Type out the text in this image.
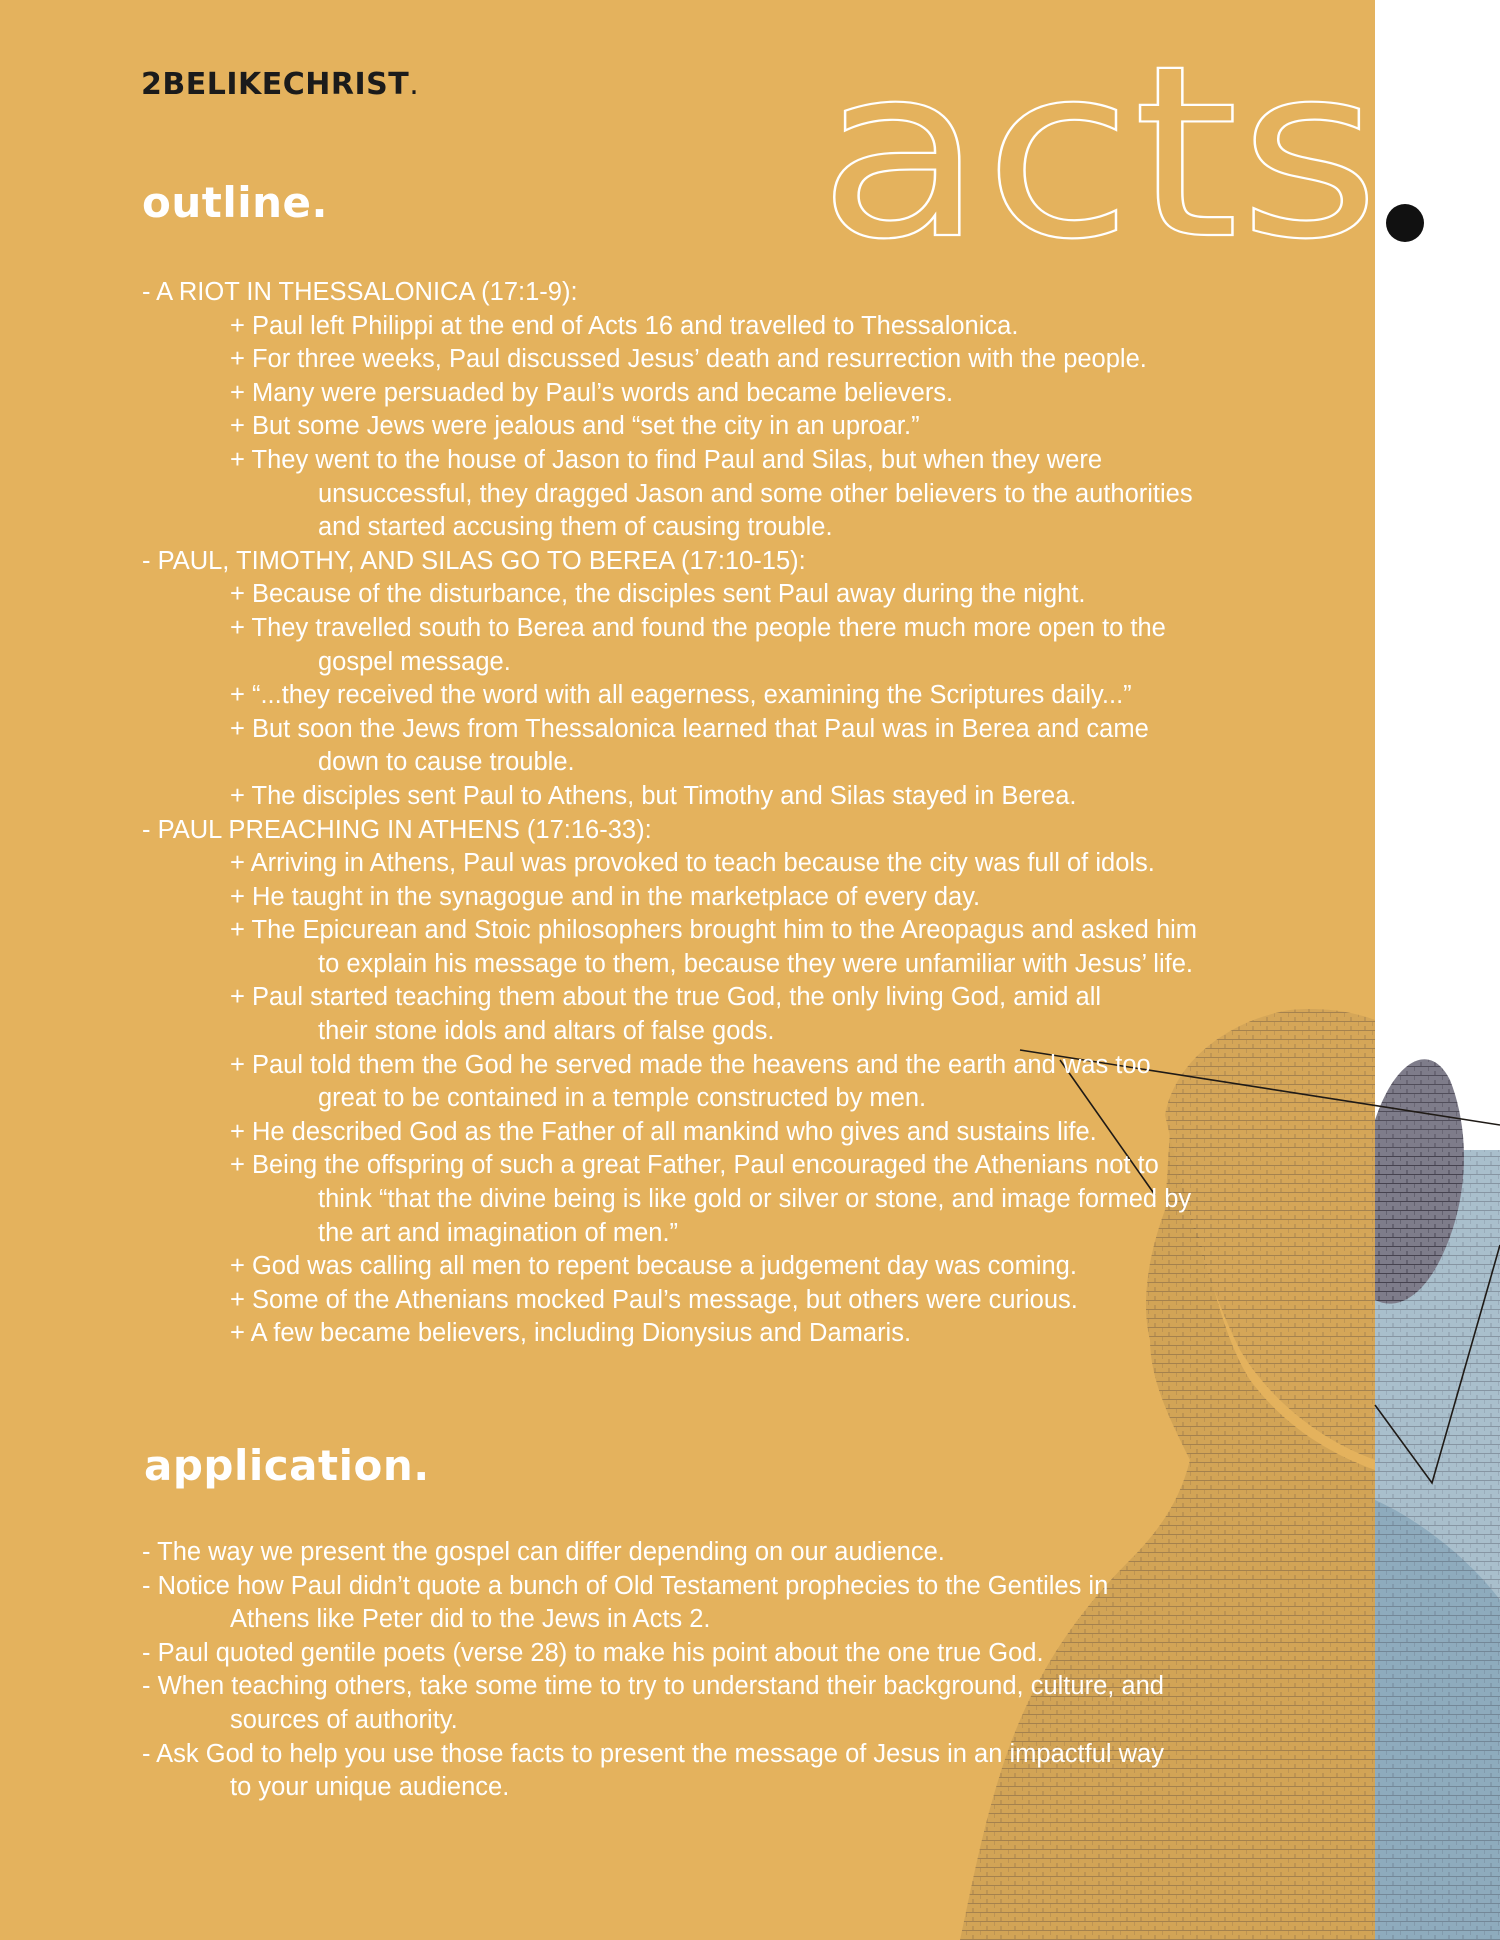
acts
2BELIKECHRIST.
outline.
- A RIOT IN THESSALONICA (17:1-9):
+ Paul left Philippi at the end of Acts 16 and travelled to Thessalonica.
+ For three weeks, Paul discussed Jesus’ death and resurrection with the people.
+ Many were persuaded by Paul’s words and became believers.
+ But some Jews were jealous and “set the city in an uproar.”
+ They went to the house of Jason to find Paul and Silas, but when they were
unsuccessful, they dragged Jason and some other believers to the authorities
and started accusing them of causing trouble.
- PAUL, TIMOTHY, AND SILAS GO TO BEREA (17:10-15):
+ Because of the disturbance, the disciples sent Paul away during the night.
+ They travelled south to Berea and found the people there much more open to the
gospel message.
+ “...they received the word with all eagerness, examining the Scriptures daily...”
+ But soon the Jews from Thessalonica learned that Paul was in Berea and came
down to cause trouble.
+ The disciples sent Paul to Athens, but Timothy and Silas stayed in Berea.
- PAUL PREACHING IN ATHENS (17:16-33):
+ Arriving in Athens, Paul was provoked to teach because the city was full of idols.
+ He taught in the synagogue and in the marketplace of every day.
+ The Epicurean and Stoic philosophers brought him to the Areopagus and asked him
to explain his message to them, because they were unfamiliar with Jesus’ life.
+ Paul started teaching them about the true God, the only living God, amid all
their stone idols and altars of false gods.
+ Paul told them the God he served made the heavens and the earth and was too
great to be contained in a temple constructed by men.
+ He described God as the Father of all mankind who gives and sustains life.
+ Being the offspring of such a great Father, Paul encouraged the Athenians not to
think “that the divine being is like gold or silver or stone, and image formed by
the art and imagination of men.”
+ God was calling all men to repent because a judgement day was coming.
+ Some of the Athenians mocked Paul’s message, but others were curious.
+ A few became believers, including Dionysius and Damaris.
application.
- The way we present the gospel can differ depending on our audience.
- Notice how Paul didn’t quote a bunch of Old Testament prophecies to the Gentiles in
Athens like Peter did to the Jews in Acts 2.
- Paul quoted gentile poets (verse 28) to make his point about the one true God.
- When teaching others, take some time to try to understand their background, culture, and
sources of authority.
- Ask God to help you use those facts to present the message of Jesus in an impactful way
to your unique audience.
